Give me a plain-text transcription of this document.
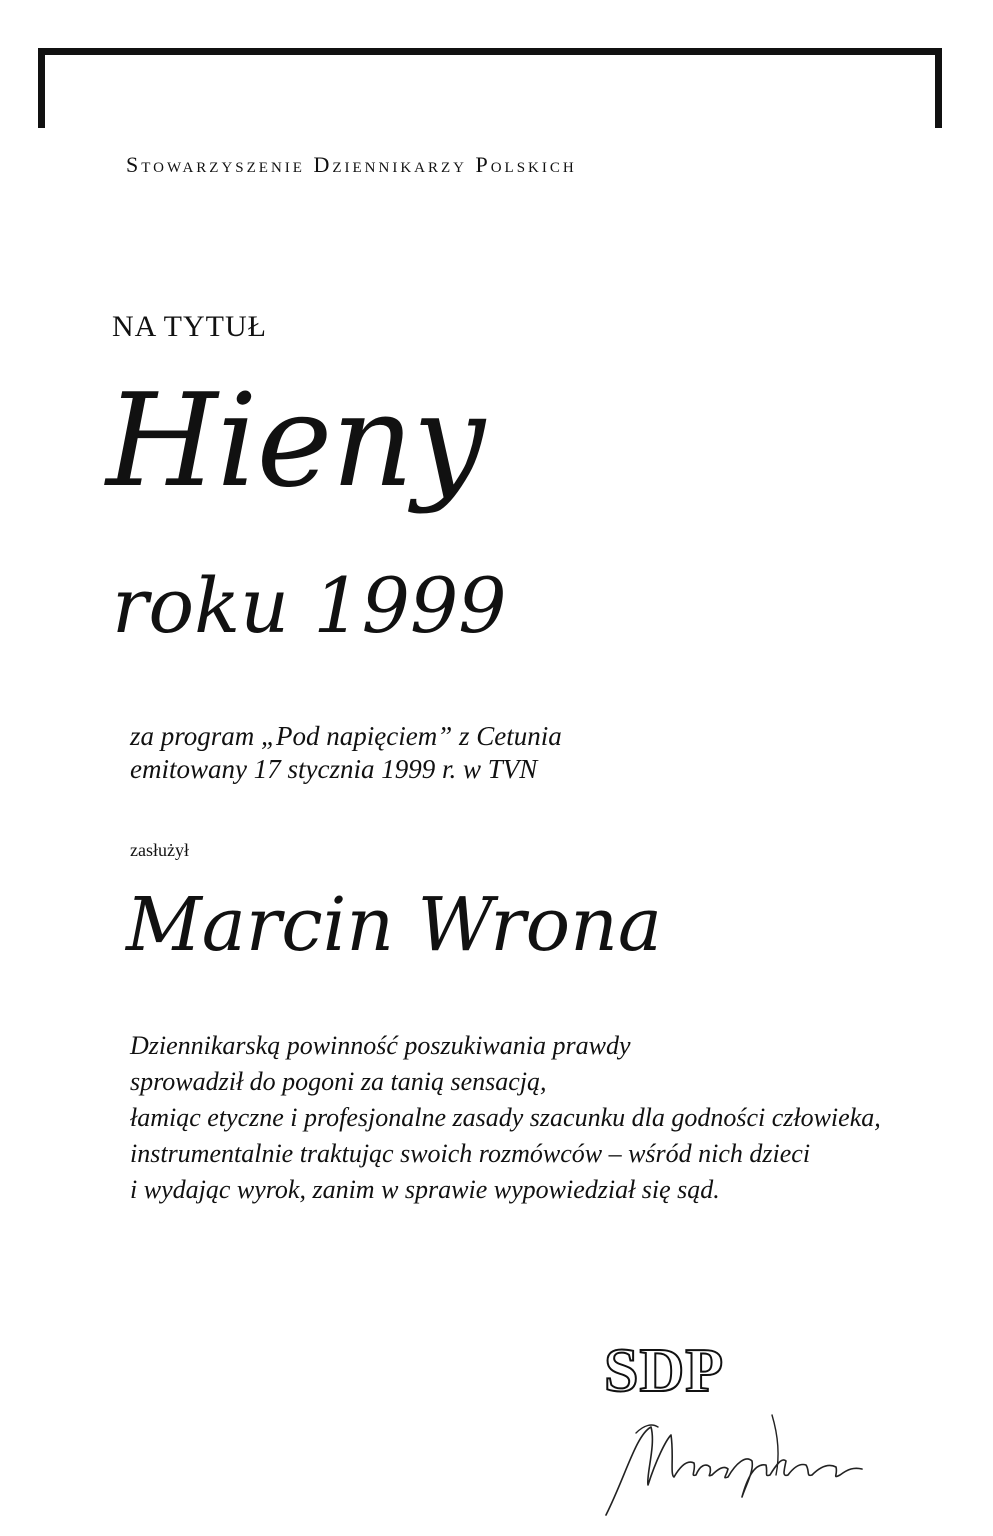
Stowarzyszenie Dziennikarzy Polskich
NA TYTUŁ
Hieny
roku 1999
za program „Pod napięciem” z Cetunia
emitowany 17 stycznia 1999 r. w TVN
zasłużył
Marcin Wrona
Dziennikarską powinność poszukiwania prawdy
sprowadził do pogoni za tanią sensacją,
łamiąc etyczne i profesjonalne zasady szacunku dla godności człowieka,
instrumentalnie traktując swoich rozmówców – wśród nich dzieci
i wydając wyrok, zanim w sprawie wypowiedział się sąd.
SDP
